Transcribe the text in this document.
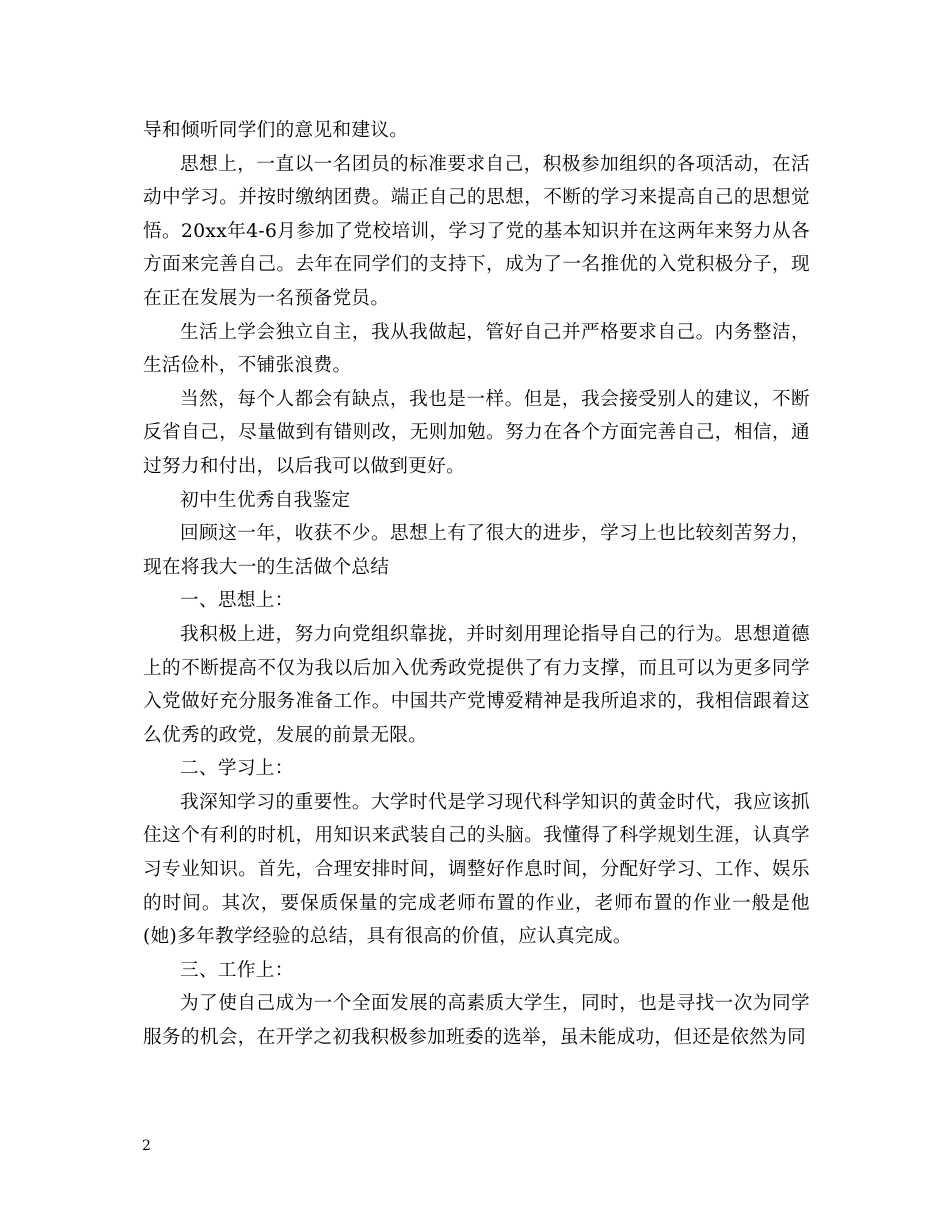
导和倾听同学们的意见和建议。

思想上，一直以一名团员的标准要求自己，积极参加组织的各项活动，在活动中学习。并按时缴纳团费。端正自己的思想，不断的学习来提高自己的思想觉悟。20xx年4-6月参加了党校培训，学习了党的基本知识并在这两年来努力从各方面来完善自己。去年在同学们的支持下，成为了一名推优的入党积极分子，现在正在发展为一名预备党员。

生活上学会独立自主，我从我做起，管好自己并严格要求自己。内务整洁，生活俭朴，不铺张浪费。

当然，每个人都会有缺点，我也是一样。但是，我会接受别人的建议，不断反省自己，尽量做到有错则改，无则加勉。努力在各个方面完善自己，相信，通过努力和付出，以后我可以做到更好。

初中生优秀自我鉴定

回顾这一年，收获不少。思想上有了很大的进步，学习上也比较刻苦努力，现在将我大一的生活做个总结

一、思想上：

我积极上进，努力向党组织靠拢，并时刻用理论指导自己的行为。思想道德上的不断提高不仅为我以后加入优秀政党提供了有力支撑，而且可以为更多同学入党做好充分服务准备工作。中国共产党博爱精神是我所追求的，我相信跟着这么优秀的政党，发展的前景无限。

二、学习上：

我深知学习的重要性。大学时代是学习现代科学知识的黄金时代，我应该抓住这个有利的时机，用知识来武装自己的头脑。我懂得了科学规划生涯，认真学习专业知识。首先，合理安排时间，调整好作息时间，分配好学习、工作、娱乐的时间。其次，要保质保量的完成老师布置的作业，老师布置的作业一般是他(她)多年教学经验的总结，具有很高的价值，应认真完成。

三、工作上：

为了使自己成为一个全面发展的高素质大学生，同时，也是寻找一次为同学服务的机会，在开学之初我积极参加班委的选举，虽未能成功，但还是依然为同

2
